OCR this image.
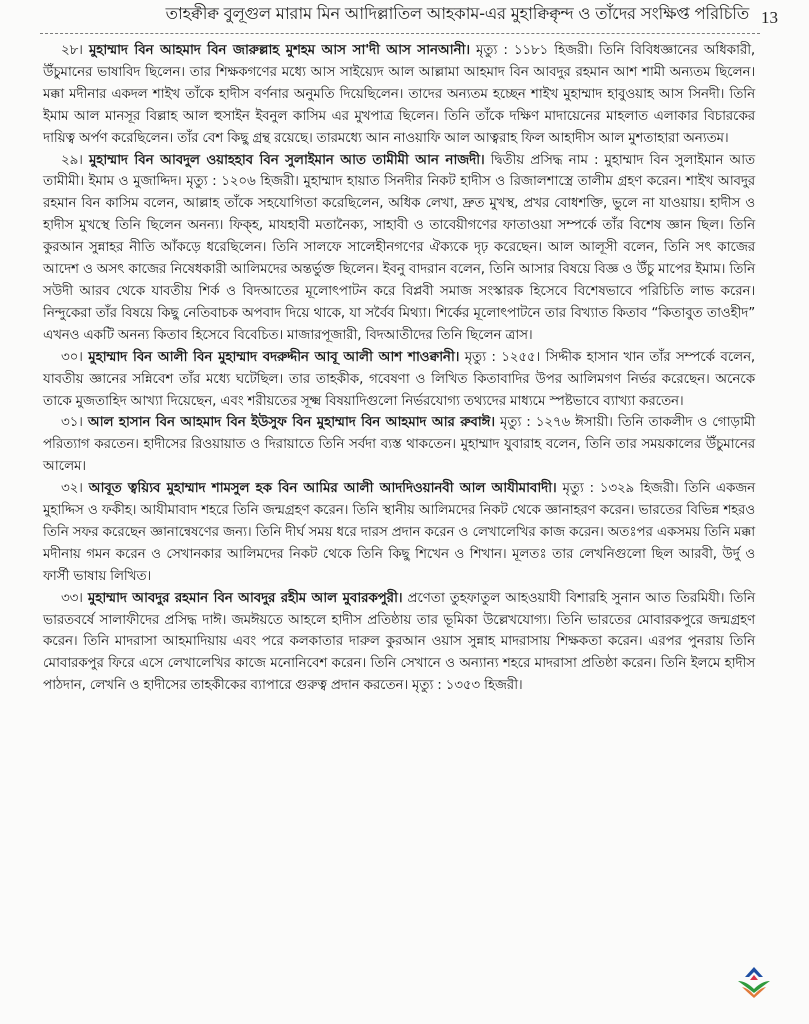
তাহক্বীক্ব বুলূগুল মারাম মিন আদিল্লাতিল আহকাম-এর মুহাক্বিক্বৃন্দ ও তাঁদের সংক্ষিপ্ত পরিচিতি 13

২৮। মুহাম্মাদ বিন আহমাদ বিন জারুল্লাহ মুশহম আস সা'দী আস সানআনী। মৃত্যু : ১১৮১ হিজরী। তিনি বিবিধজ্ঞানের অধিকারী, উঁচুমানের ভাষাবিদ ছিলেন। তার শিক্ষকগণের মধ্যে আস সাইয়্যেদ আল আল্লামা আহমাদ বিন আবদুর রহমান আশ শামী অন্যতম ছিলেন। মক্কা মদীনার একদল শাইখ তাঁকে হাদীস বর্ণনার অনুমতি দিয়েছিলেন। তাদের অন্যতম হচ্ছেন শাইখ মুহাম্মাদ হাবুওয়াহ আস সিনদী। তিনি ইমাম আল মানসূর বিল্লাহ আল হুসাইন ইবনুল কাসিম এর মুখপাত্র ছিলেন। তিনি তাঁকে দক্ষিণ মাদায়েনের মাহলাত এলাকার বিচারকের দায়িত্ব অর্পণ করেছিলেন। তাঁর বেশ কিছু গ্রন্থ রয়েছে। তারমধ্যে আন নাওয়াফি আল আত্বরাহ ফিল আহাদীস আল মুশতাহারা অন্যতম।

২৯। মুহাম্মাদ বিন আবদুল ওয়াহহাব বিন সুলাইমান আত তামীমী আন নাজদী। দ্বিতীয় প্রসিদ্ধ নাম : মুহাম্মাদ বিন সুলাইমান আত তামীমী। ইমাম ও মুজাদ্দিদ। মৃত্যু : ১২০৬ হিজরী। মুহাম্মাদ হায়াত সিনদীর নিকট হাদীস ও রিজালশাস্ত্রে তালীম গ্রহণ করেন। শাইখ আবদুর রহমান বিন কাসিম বলেন, আল্লাহ তাঁকে সহযোগিতা করেছিলেন, অধিক লেখা, দ্রুত মুখস্থ, প্রখর বোধশক্তি, ভুলে না যাওয়ায়। হাদীস ও হাদীস মুখস্থে তিনি ছিলেন অনন্য। ফিক্‌হ, মাযহাবী মতানৈক্য, সাহাবী ও তাবেয়ীগণের ফাতাওয়া সম্পর্কে তাঁর বিশেষ জ্ঞান ছিল। তিনি কুরআন সুন্নাহর নীতি আঁকড়ে ধরেছিলেন। তিনি সালফে সালেহীনগণের ঐক্যকে দৃঢ় করেছেন। আল আলূসী বলেন, তিনি সৎ কাজের আদেশ ও অসৎ কাজের নিষেধকারী আলিমদের অন্তর্ভুক্ত ছিলেন। ইবনু বাদরান বলেন, তিনি আসার বিষয়ে বিজ্ঞ ও উঁচু মাপের ইমাম। তিনি সউদী আরব থেকে যাবতীয় শির্ক ও বিদআতের মূলোৎপাটন করে বিপ্লবী সমাজ সংস্কারক হিসেবে বিশেষভাবে পরিচিতি লাভ করেন। নিন্দুকেরা তাঁর বিষয়ে কিছু নেতিবাচক অপবাদ দিয়ে থাকে, যা সর্বৈব মিথ্যা। শির্কের মূলোৎপাটনে তার বিখ্যাত কিতাব “কিতাবুত তাওহীদ” এখনও একটি অনন্য কিতাব হিসেবে বিবেচিত। মাজারপূজারী, বিদআতীদের তিনি ছিলেন ত্রাস।

৩০। মুহাম্মাদ বিন আলী বিন মুহাম্মাদ বদরুদ্দীন আবূ আলী আশ শাওক্বানী। মৃত্যু : ১২৫৫। সিদ্দীক হাসান খান তাঁর সম্পর্কে বলেন, যাবতীয় জ্ঞানের সন্নিবেশ তাঁর মধ্যে ঘটেছিল। তার তাহকীক, গবেষণা ও লিখিত কিতাবাদির উপর আলিমগণ নির্ভর করেছেন। অনেকে তাকে মুজতাহিদ আখ্যা দিয়েছেন, এবং শরীয়তের সূক্ষ্ম বিষয়াদিগুলো নির্ভরযোগ্য তথ্যদের মাধ্যমে স্পষ্টভাবে ব্যাখ্যা করতেন।

৩১। আল হাসান বিন আহমাদ বিন ইউসুফ বিন মুহাম্মাদ বিন আহমাদ আর রুবাঈ। মৃত্যু : ১২৭৬ ঈসায়ী। তিনি তাকলীদ ও গোড়ামী পরিত্যাগ করতেন। হাদীসের রিওয়ায়াত ও দিরায়াতে তিনি সর্বদা ব্যস্ত থাকতেন। মুহাম্মাদ যুবারাহ বলেন, তিনি তার সময়কালের উঁচুমানের আলেম।

৩২। আবূত ত্বয়্যিব মুহাম্মাদ শামসুল হক বিন আমির আলী আদদিওয়ানবী আল আযীমাবাদী। মৃত্যু : ১৩২৯ হিজরী। তিনি একজন মুহাদ্দিস ও ফকীহ। আযীমাবাদ শহরে তিনি জন্মগ্রহণ করেন। তিনি স্থানীয় আলিমদের নিকট থেকে জ্ঞানাহরণ করেন। ভারতের বিভিন্ন শহরও তিনি সফর করেছেন জ্ঞানান্বেষণের জন্য। তিনি দীর্ঘ সময় ধরে দারস প্রদান করেন ও লেখালেখির কাজ করেন। অতঃপর একসময় তিনি মক্কা মদীনায় গমন করেন ও সেখানকার আলিমদের নিকট থেকে তিনি কিছু শিখেন ও শিখান। মূলতঃ তার লেখনিগুলো ছিল আরবী, উর্দু ও ফার্সী ভাষায় লিখিত।

৩৩। মুহাম্মাদ আবদুর রহমান বিন আবদুর রহীম আল মুবারকপুরী। প্রণেতা তুহফাতুল আহওয়াযী বিশারহি সুনান আত তিরমিযী। তিনি ভারতবর্ষে সালাফীদের প্রসিদ্ধ দাঈ। জমঈয়তে আহলে হাদীস প্রতিষ্ঠায় তার ভূমিকা উল্লেখযোগ্য। তিনি ভারতের মোবারকপুরে জন্মগ্রহণ করেন। তিনি মাদরাসা আহমাদিয়ায় এবং পরে কলকাতার দারুল কুরআন ওয়াস সুন্নাহ মাদরাসায় শিক্ষকতা করেন। এরপর পুনরায় তিনি মোবারকপুর ফিরে এসে লেখালেখির কাজে মনোনিবেশ করেন। তিনি সেখানে ও অন্যান্য শহরে মাদরাসা প্রতিষ্ঠা করেন। তিনি ইলমে হাদীস পাঠদান, লেখনি ও হাদীসের তাহকীকের ব্যাপারে গুরুত্ব প্রদান করতেন। মৃত্যু : ১৩৫৩ হিজরী।
